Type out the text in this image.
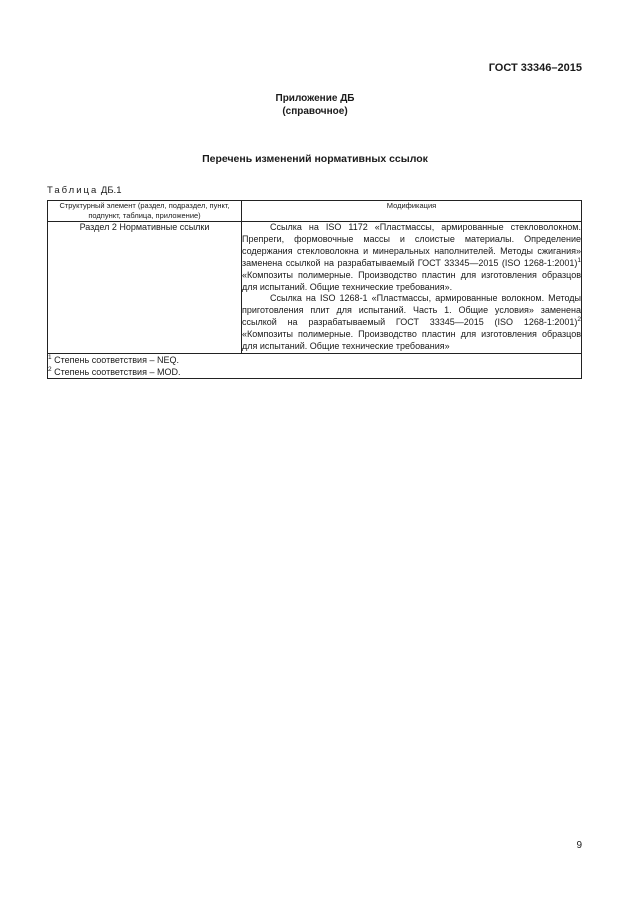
ГОСТ 33346–2015
Приложение ДБ
(справочное)
Перечень изменений нормативных ссылок
Таблица ДБ.1
Структурный элемент (раздел, подраздел, пункт, подпункт, таблица, приложение)	Модификация
Раздел 2 Нормативные ссылки	Ссылка на ISO 1172 «Пластмассы, армированные стекловолокном. Препреги, формовочные массы и слоистые материалы. Определение содержания стекловолокна и минеральных наполнителей. Методы сжигания» заменена ссылкой на разрабатываемый ГОСТ 33345—2015 (ISO 1268-1:2001)$^1$ «Композиты полимерные. Производство пластин для изготовления образцов для испытаний. Общие технические требования».

Ссылка на ISO 1268-1 «Пластмассы, армированные волокном. Методы приготовления плит для испытаний. Часть 1. Общие условия» заменена ссылкой на разрабатываемый ГОСТ 33345—2015 (ISO 1268-1:2001)$^2$ «Композиты полимерные. Производство пластин для изготовления образцов для испытаний. Общие технические требования»

$^1$ Степень соответствия – NEQ.
$^2$ Степень соответствия – MOD.	
9
